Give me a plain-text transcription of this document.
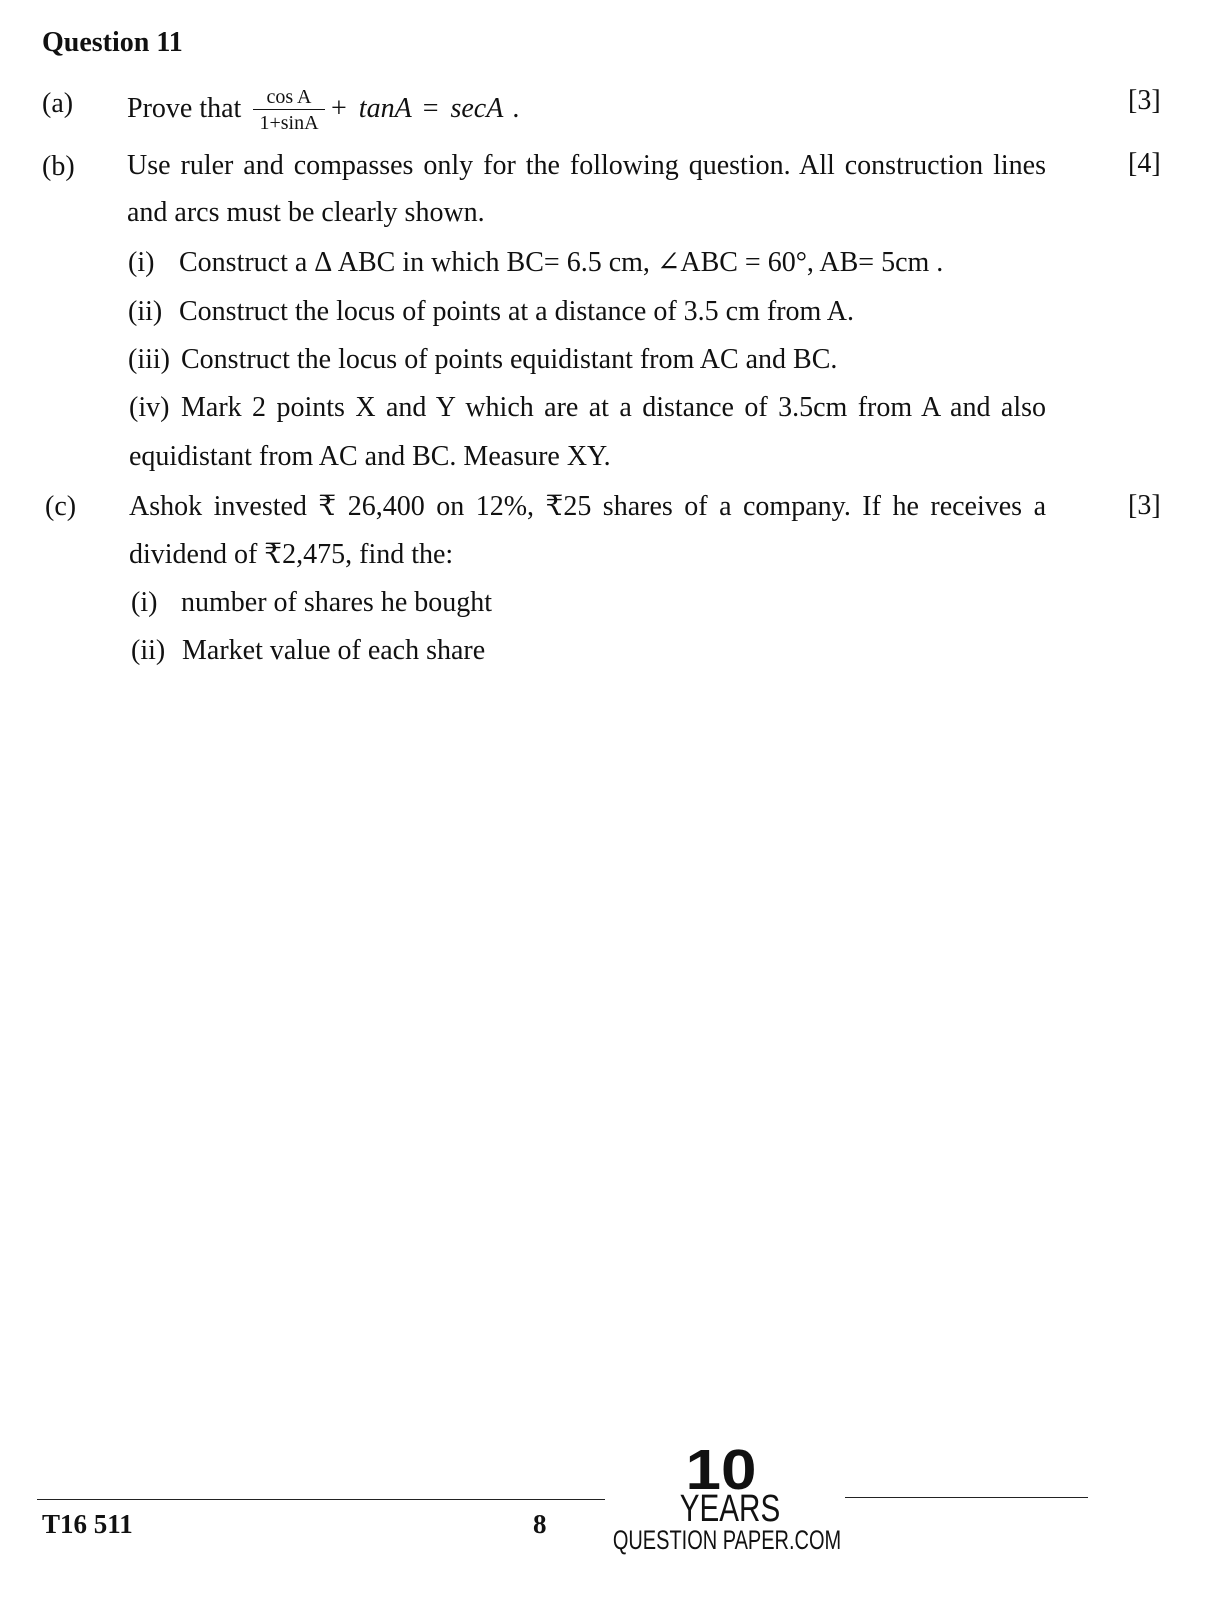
Question 11
(a) Prove that $\frac{\text{cos A}}{1+\sin A} + \tan A = \sec A$ .	[3]
(b) Use ruler and compasses only for the following question. All construction lines	[4]
and arcs must be clearly shown.
(i) Construct a Δ ABC in which BC= 6.5 cm, ∠ABC = 60°, AB= 5cm .
(ii) Construct the locus of points at a distance of 3.5 cm from A.
(iii) Construct the locus of points equidistant from AC and BC.
(iv) Mark 2 points X and Y which are at a distance of 3.5cm from A and also
equidistant from AC and BC. Measure XY.
(c) Ashok invested ₹ 26,400 on 12%, ₹25 shares of a company. If he receives a	[3]
dividend of ₹2,475, find the:
(i) number of shares he bought
(ii) Market value of each share
T16 511	8
10
YEARS
QUESTION PAPER.COM
